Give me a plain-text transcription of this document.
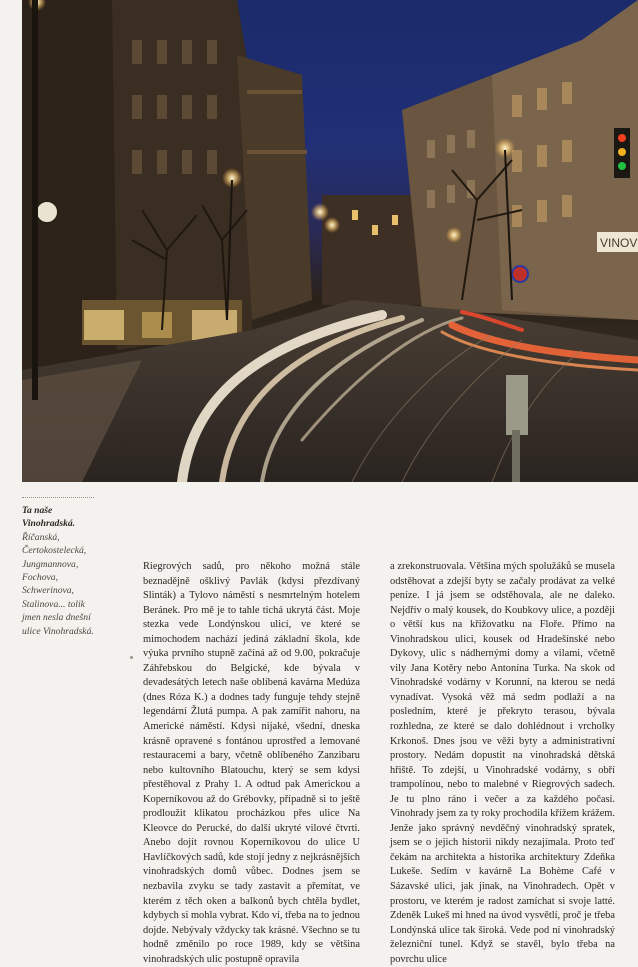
VINOV
Ta naše Vinohradská. Říčanská, Čertokostelecká, Jungmannova, Fochova, Schwerinova, Stalinova... tolik jmen nesla dnešní ulice Vinohradská.

Riegrových sadů, pro někoho možná stále beznadějně ošklivý Pavlák (kdysi přezdívaný Slinták) a Tylovo náměstí s nesmrtelným hotelem Beránek. Pro mě je to tahle tichá ukrytá část. Moje stezka vede Londýnskou ulicí, ve které se mimochodem nachází jediná základní škola, kde výuka prvního stupně začíná až od 9.00, pokračuje Záhřebskou do Belgické, kde bývala v devadesátých letech naše oblíbená kavárna Medúza (dnes Róza K.) a dodnes tady funguje tehdy stejně legendární Žlutá pumpa. A pak zamířit nahoru, na Americké náměstí. Kdysi nijaké, všední, dneska krásně opravené s fontánou uprostřed a lemované restauracemi a bary, včetně oblíbeného Zanzibaru nebo kultovního Blatouchu, který se sem kdysi přestěhoval z Prahy 1. A odtud pak Americkou a Koperníkovou až do Grébovky, případně si to ještě prodloužit klikatou procházkou přes ulice Na Kleovce do Perucké, do další ukryté vilové čtvrti. Anebo dojít rovnou Koperníkovou do ulice U Havlíčkových sadů, kde stojí jedny z nejkrásnějších vinohradských domů vůbec. Dodnes jsem se nezbavila zvyku se tady zastavit a přemítat, ve kterém z těch oken a balkonů bych chtěla bydlet, kdybych si mohla vybrat. Kdo ví, třeba na to jednou dojde. Nebývaly vždycky tak krásné. Všechno se tu hodně změnilo po roce 1989, kdy se většina vinohradských ulic postupně opravila

a zrekonstruovala. Většina mých spolužáků se musela odstěhovat a zdejší byty se začaly prodávat za velké peníze. I já jsem se odstěhovala, ale ne daleko. Nejdřív o malý kousek, do Koubkovy ulice, a později o větší kus na křižovatku na Floře. Přímo na Vinohradskou ulici, kousek od Hradešínské nebo Dykovy, ulic s nádhernými domy a vilami, včetně vily Jana Kotěry nebo Antonína Turka. Na skok od Vinohradské vodárny v Korunní, na kterou se nedá vynadívat. Vysoká věž má sedm podlaží a na posledním, které je překryto terasou, bývala rozhledna, ze které se dalo dohlédnout i vrcholky Krkonoš. Dnes jsou ve věži byty a administrativní prostory. Nedám dopustit na vinohradská dětská hřiště. To zdejší, u Vinohradské vodárny, s obří trampolínou, nebo to malebné v Riegrových sadech. Je tu plno ráno i večer a za každého počasí. Vinohrady jsem za ty roky prochodila křížem krážem. Jenže jako správný nevděčný vinohradský spratek, jsem se o jejich historii nikdy nezajímala. Proto teď čekám na architekta a historika architektury Zdeňka Lukeše. Sedím v kavárně La Bohème Café v Sázavské ulici, jak jinak, na Vinohradech. Opět v prostoru, ve kterém je radost zamíchat si svoje latté. Zdeněk Lukeš mi hned na úvod vysvětlí, proč je třeba Londýnská ulice tak široká. Vede pod ní vinohradský železniční tunel. Když se stavěl, bylo třeba na povrchu ulice
